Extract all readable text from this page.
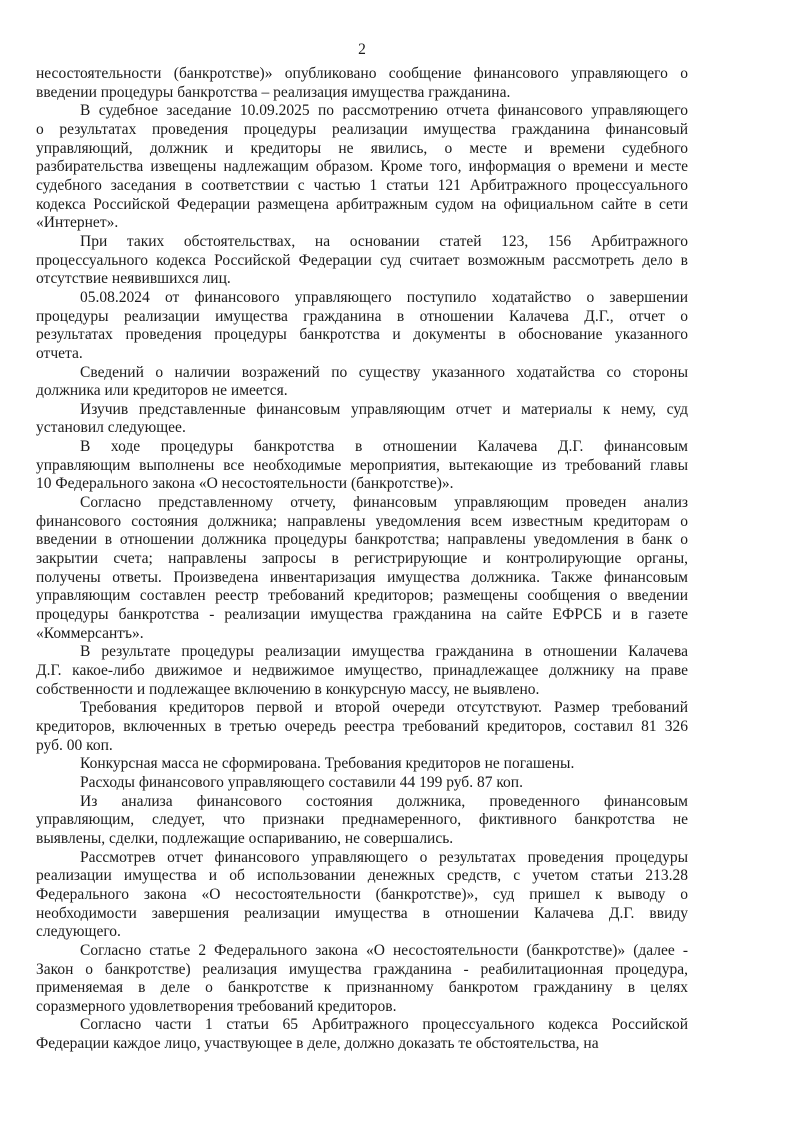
2
несостоятельности (банкротстве)» опубликовано сообщение финансового управляющего о
введении процедуры банкротства – реализация имущества гражданина.
В судебное заседание 10.09.2025 по рассмотрению отчета финансового управляющего
о результатах проведения процедуры реализации имущества гражданина финансовый
управляющий, должник и кредиторы не явились, о месте и времени судебного
разбирательства извещены надлежащим образом. Кроме того, информация о времени и месте
судебного заседания в соответствии с частью 1 статьи 121 Арбитражного процессуального
кодекса Российской Федерации размещена арбитражным судом на официальном сайте в сети
«Интернет».
При таких обстоятельствах, на основании статей 123, 156 Арбитражного
процессуального кодекса Российской Федерации суд считает возможным рассмотреть дело в
отсутствие неявившихся лиц.
05.08.2024 от финансового управляющего поступило ходатайство о завершении
процедуры реализации имущества гражданина в отношении Калачева Д.Г., отчет о
результатах проведения процедуры банкротства и документы в обоснование указанного
отчета.
Сведений о наличии возражений по существу указанного ходатайства со стороны
должника или кредиторов не имеется.
Изучив представленные финансовым управляющим отчет и материалы к нему, суд
установил следующее.
В ходе процедуры банкротства в отношении Калачева Д.Г. финансовым
управляющим выполнены все необходимые мероприятия, вытекающие из требований главы
10 Федерального закона «О несостоятельности (банкротстве)».
Согласно представленному отчету, финансовым управляющим проведен анализ
финансового состояния должника; направлены уведомления всем известным кредиторам о
введении в отношении должника процедуры банкротства; направлены уведомления в банк о
закрытии счета; направлены запросы в регистрирующие и контролирующие органы,
получены ответы. Произведена инвентаризация имущества должника. Также финансовым
управляющим составлен реестр требований кредиторов; размещены сообщения о введении
процедуры банкротства - реализации имущества гражданина на сайте ЕФРСБ и в газете
«Коммерсантъ».
В результате процедуры реализации имущества гражданина в отношении Калачева
Д.Г. какое-либо движимое и недвижимое имущество, принадлежащее должнику на праве
собственности и подлежащее включению в конкурсную массу, не выявлено.
Требования кредиторов первой и второй очереди отсутствуют. Размер требований
кредиторов, включенных в третью очередь реестра требований кредиторов, составил 81 326
руб. 00 коп.
Конкурсная масса не сформирована. Требования кредиторов не погашены.
Расходы финансового управляющего составили 44 199 руб. 87 коп.
Из анализа финансового состояния должника, проведенного финансовым
управляющим, следует, что признаки преднамеренного, фиктивного банкротства не
выявлены, сделки, подлежащие оспариванию, не совершались.
Рассмотрев отчет финансового управляющего о результатах проведения процедуры
реализации имущества и об использовании денежных средств, с учетом статьи 213.28
Федерального закона «О несостоятельности (банкротстве)», суд пришел к выводу о
необходимости завершения реализации имущества в отношении Калачева Д.Г. ввиду
следующего.
Согласно статье 2 Федерального закона «О несостоятельности (банкротстве)» (далее -
Закон о банкротстве) реализация имущества гражданина - реабилитационная процедура,
применяемая в деле о банкротстве к признанному банкротом гражданину в целях
соразмерного удовлетворения требований кредиторов.
Согласно части 1 статьи 65 Арбитражного процессуального кодекса Российской
Федерации каждое лицо, участвующее в деле, должно доказать те обстоятельства, на
